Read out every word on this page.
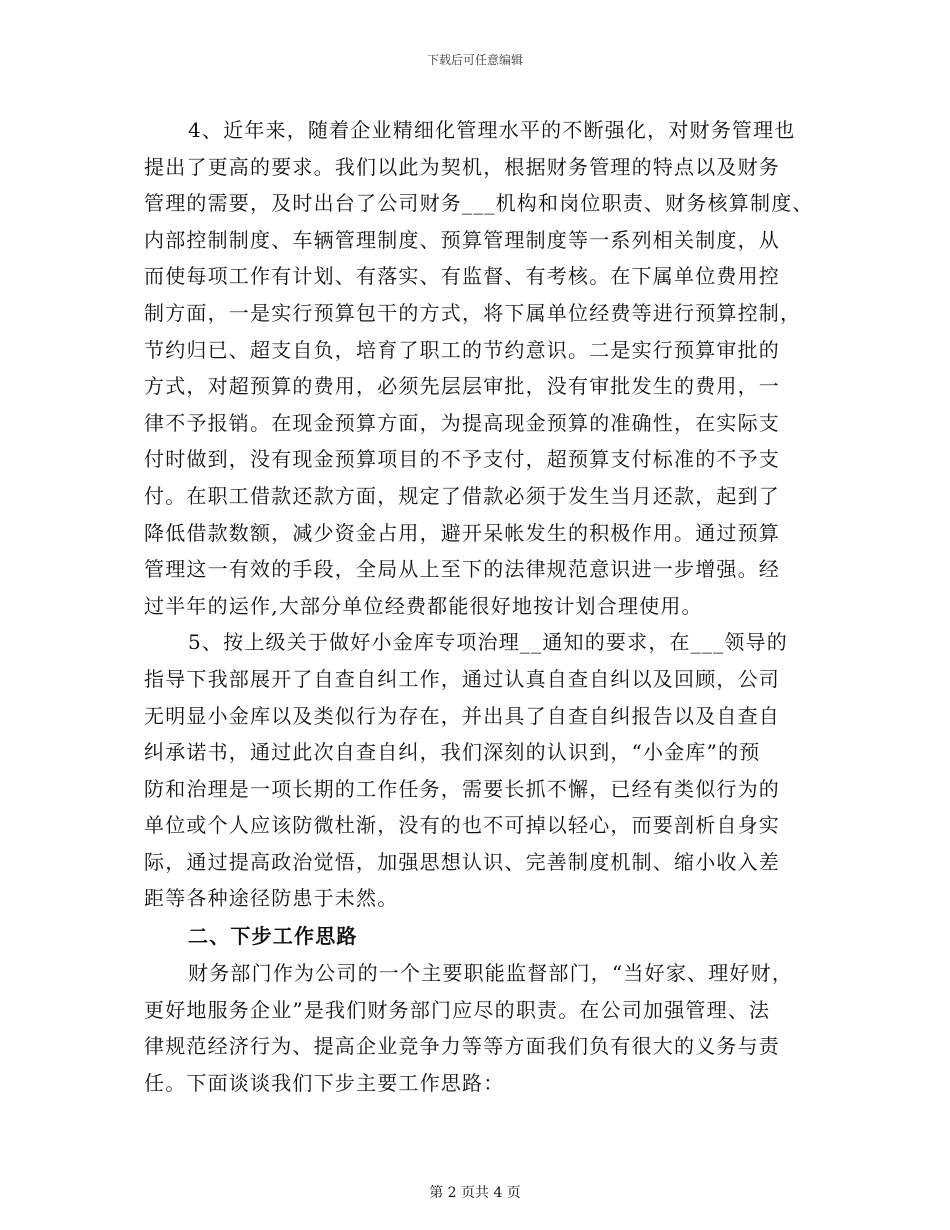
下载后可任意编辑
4、近年来，随着企业精细化管理水平的不断强化，对财务管理也
提出了更高的要求。我们以此为契机，根据财务管理的特点以及财务
管理的需要，及时出台了公司财务___机构和岗位职责、财务核算制度、
内部控制制度、车辆管理制度、预算管理制度等一系列相关制度，从
而使每项工作有计划、有落实、有监督、有考核。在下属单位费用控
制方面，一是实行预算包干的方式，将下属单位经费等进行预算控制，
节约归已、超支自负，培育了职工的节约意识。二是实行预算审批的
方式，对超预算的费用，必须先层层审批，没有审批发生的费用，一
律不予报销。在现金预算方面，为提高现金预算的准确性，在实际支
付时做到，没有现金预算项目的不予支付，超预算支付标准的不予支
付。在职工借款还款方面，规定了借款必须于发生当月还款，起到了
降低借款数额，减少资金占用，避开呆帐发生的积极作用。通过预算
管理这一有效的手段，全局从上至下的法律规范意识进一步增强。经
过半年的运作,大部分单位经费都能很好地按计划合理使用。
5、按上级关于做好小金库专项治理__通知的要求，在___领导的
指导下我部展开了自查自纠工作，通过认真自查自纠以及回顾，公司
无明显小金库以及类似行为存在，并出具了自查自纠报告以及自查自
纠承诺书，通过此次自查自纠，我们深刻的认识到，“小金库”的预
防和治理是一项长期的工作任务，需要长抓不懈，已经有类似行为的
单位或个人应该防微杜渐，没有的也不可掉以轻心，而要剖析自身实
际，通过提高政治觉悟，加强思想认识、完善制度机制、缩小收入差
距等各种途径防患于未然。
二、下步工作思路
财务部门作为公司的一个主要职能监督部门，“当好家、理好财，
更好地服务企业”是我们财务部门应尽的职责。在公司加强管理、法
律规范经济行为、提高企业竞争力等等方面我们负有很大的义务与责
任。下面谈谈我们下步主要工作思路：
第 2 页共 4 页
